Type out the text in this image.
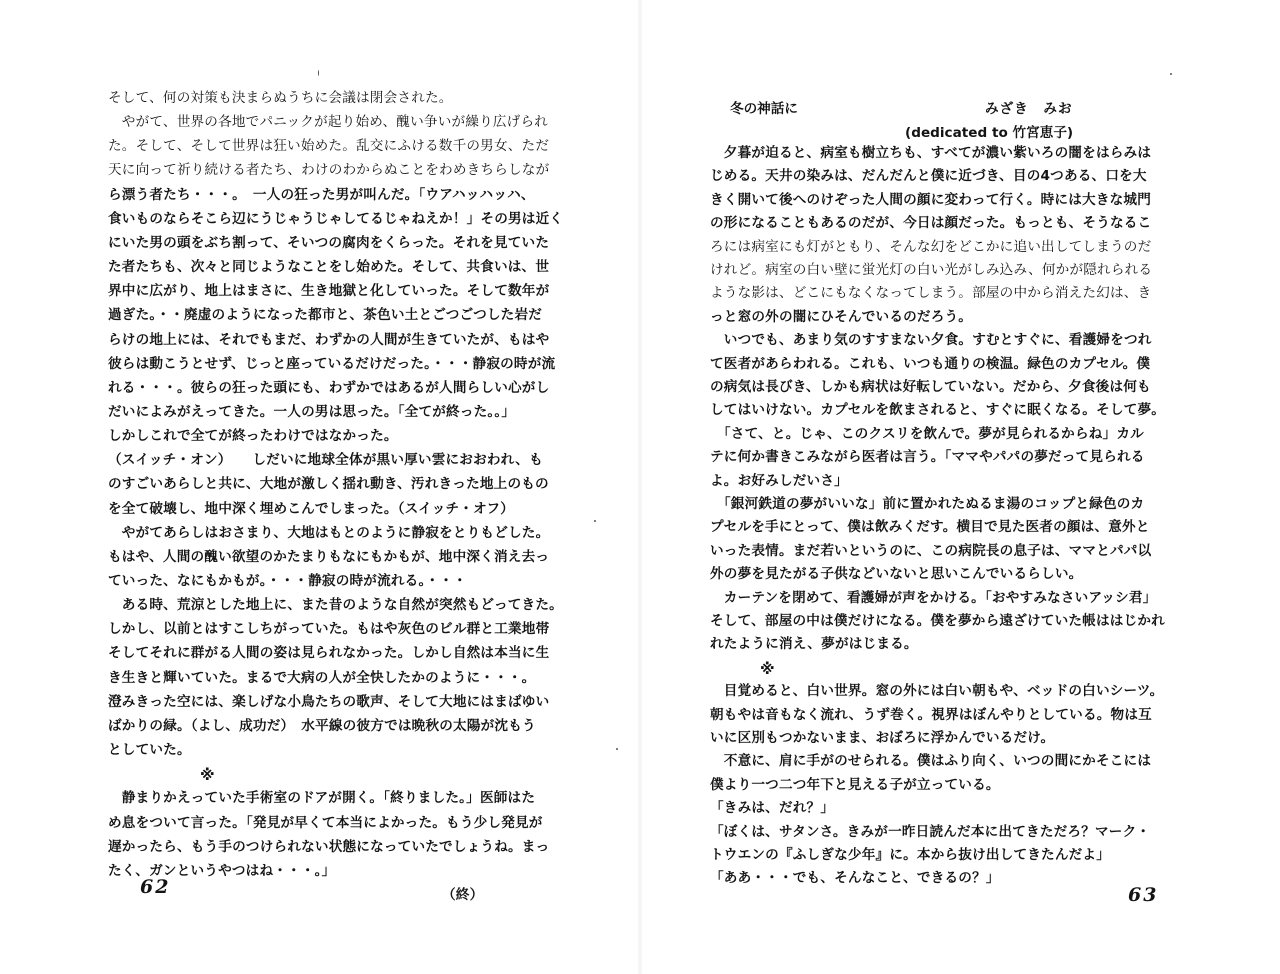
そして、何の対策も決まらぬうちに会議は閉会された。
　やがて、世界の各地でパニックが起り始め、醜い争いが繰り広げられ
た。そして、そして世界は狂い始めた。乱交にふける数千の男女、ただ
天に向って祈り続ける者たち、わけのわからぬことをわめきちらしなが
ら漂う者たち・・・。　一人の狂った男が叫んだ。「ウアハッハッハ、
食いものならそこら辺にうじゃうじゃしてるじゃねえか！」その男は近く
にいた男の頭をぶち割って、そいつの腐肉をくらった。それを見ていた
た者たちも、次々と同じようなことをし始めた。そして、共食いは、世
界中に広がり、地上はまさに、生き地獄と化していった。そして数年が
過ぎた。・・廃虚のようになった都市と、茶色い土とごつごつした岩だ
らけの地上には、それでもまだ、わずかの人間が生きていたが、もはや
彼らは動こうとせず、じっと座っているだけだった。・・・静寂の時が流
れる・・・。彼らの狂った頭にも、わずかではあるが人間らしい心がし
だいによみがえってきた。一人の男は思った。「全てが終った。。」
しかしこれで全てが終ったわけではなかった。
（スイッチ・オン）　　しだいに地球全体が黒い厚い雲におおわれ、も
のすごいあらしと共に、大地が激しく揺れ動き、汚れきった地上のもの
を全て破壊し、地中深く埋めこんでしまった。（スイッチ・オフ）
　やがてあらしはおさまり、大地はもとのように静寂をとりもどした。
もはや、人間の醜い欲望のかたまりもなにもかもが、地中深く消え去っ
ていった、なにもかもが。・・・静寂の時が流れる。・・・
　ある時、荒涼とした地上に、また昔のような自然が突然もどってきた。
しかし、以前とはすこしちがっていた。もはや灰色のビル群と工業地帯
そしてそれに群がる人間の姿は見られなかった。しかし自然は本当に生
き生きと輝いていた。まるで大病の人が全快したかのように・・・。
澄みきった空には、楽しげな小鳥たちの歌声、そして大地にはまばゆい
ばかりの緑。（よし、成功だ）　水平線の彼方では晩秋の太陽が沈もう
としていた。
※
　静まりかえっていた手術室のドアが開く。「終りました。」医師はた
め息をついて言った。「発見が早くて本当によかった。もう少し発見が
遅かったら、もう手のつけられない状態になっていたでしょうね。まっ
たく、ガンというやつはね・・・。」
（終）
62
冬の神話に	みざき　みお
(dedicated to 竹宮恵子)
　夕暮が迫ると、病室も樹立ちも、すべてが濃い紫いろの闇をはらみは
じめる。天井の染みは、だんだんと僕に近づき、目の4つある、口を大
きく開いて後へのけぞった人間の顔に変わって行く。時には大きな城門
の形になることもあるのだが、今日は顔だった。もっとも、そうなるこ
ろには病室にも灯がともり、そんな幻をどこかに追い出してしまうのだ
けれど。病室の白い壁に蛍光灯の白い光がしみ込み、何かが隠れられる
ような影は、どこにもなくなってしまう。部屋の中から消えた幻は、き
っと窓の外の闇にひそんでいるのだろう。
　いつでも、あまり気のすすまない夕食。すむとすぐに、看護婦をつれ
て医者があらわれる。これも、いつも通りの検温。緑色のカプセル。僕
の病気は長びき、しかも病状は好転していない。だから、夕食後は何も
してはいけない。カプセルを飲まされると、すぐに眠くなる。そして夢。
　「さて、と。じゃ、このクスリを飲んで。夢が見られるからね」カル
テに何か書きこみながら医者は言う。「ママやパパの夢だって見られる
よ。お好みしだいさ」
　「銀河鉄道の夢がいいな」前に置かれたぬるま湯のコップと緑色のカ
プセルを手にとって、僕は飲みくだす。横目で見た医者の顔は、意外と
いった表情。まだ若いというのに、この病院長の息子は、ママとパパ以
外の夢を見たがる子供などいないと思いこんでいるらしい。
　カーテンを閉めて、看護婦が声をかける。「おやすみなさいアッシ君」
そして、部屋の中は僕だけになる。僕を夢から遠ざけていた帳ははじかれ
れたように消え、夢がはじまる。
※
　目覚めると、白い世界。窓の外には白い朝もや、ベッドの白いシーツ。
朝もやは音もなく流れ、うず巻く。視界はぼんやりとしている。物は互
いに区別もつかないまま、おぼろに浮かんでいるだけ。
　不意に、肩に手がのせられる。僕はふり向く、いつの間にかそこには
僕より一つ二つ年下と見える子が立っている。
「きみは、だれ？」
「ぼくは、サタンさ。きみが一昨日読んだ本に出てきただろ？マーク・
トウエンの『ふしぎな少年』に。本から抜け出してきたんだよ」
「ああ・・・でも、そんなこと、できるの？」
63
